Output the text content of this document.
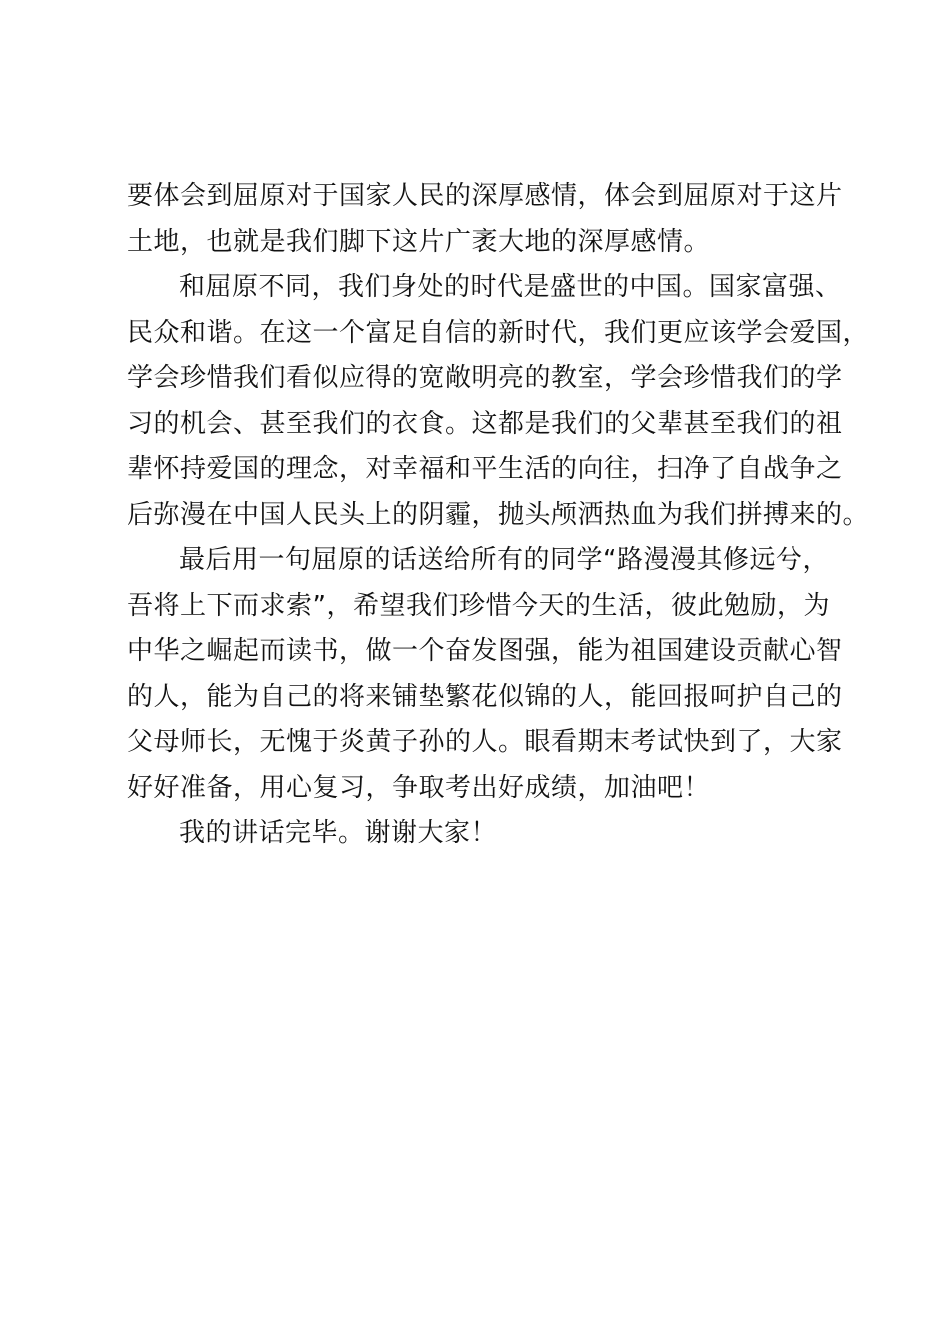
要体会到屈原对于国家人民的深厚感情，体会到屈原对于这片
土地，也就是我们脚下这片广袤大地的深厚感情。
和屈原不同，我们身处的时代是盛世的中国。国家富强、
民众和谐。在这一个富足自信的新时代，我们更应该学会爱国，
学会珍惜我们看似应得的宽敞明亮的教室，学会珍惜我们的学
习的机会、甚至我们的衣食。这都是我们的父辈甚至我们的祖
辈怀持爱国的理念，对幸福和平生活的向往，扫净了自战争之
后弥漫在中国人民头上的阴霾，抛头颅洒热血为我们拼搏来的。
最后用一句屈原的话送给所有的同学“路漫漫其修远兮，
吾将上下而求索”，希望我们珍惜今天的生活，彼此勉励，为
中华之崛起而读书，做一个奋发图强，能为祖国建设贡献心智
的人，能为自己的将来铺垫繁花似锦的人，能回报呵护自己的
父母师长，无愧于炎黄子孙的人。眼看期末考试快到了，大家
好好准备，用心复习，争取考出好成绩，加油吧！
我的讲话完毕。谢谢大家！
